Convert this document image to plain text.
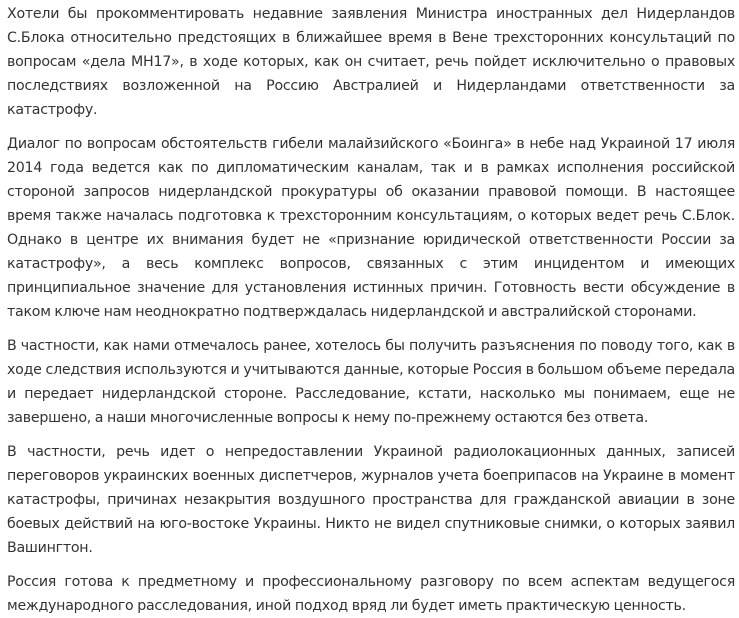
Хотели бы прокомментировать недавние заявления Министра иностранных дел Нидерландов С.Блока относительно предстоящих в ближайшее время в Вене трехсторонних консультаций по вопросам «дела МН17», в ходе которых, как он считает, речь пойдет исключительно о правовых последствиях возложенной на Россию Австралией и Нидерландами ответственности за катастрофу.

Диалог по вопросам обстоятельств гибели малайзийского «Боинга» в небе над Украиной 17 июля 2014 года ведется как по дипломатическим каналам, так и в рамках исполнения российской стороной запросов нидерландской прокуратуры об оказании правовой помощи. В настоящее время также началась подготовка к трехсторонним консультациям, о которых ведет речь С.Блок. Однако в центре их внимания будет не «признание юридической ответственности России за катастрофу», а весь комплекс вопросов, связанных с этим инцидентом и имеющих принципиальное значение для установления истинных причин. Готовность вести обсуждение в таком ключе нам неоднократно подтверждалась нидерландской и австралийской сторонами.

В частности, как нами отмечалось ранее, хотелось бы получить разъяснения по поводу того, как в ходе следствия используются и учитываются данные, которые Россия в большом объеме передала и передает нидерландской стороне. Расследование, кстати, насколько мы понимаем, еще не завершено, а наши многочисленные вопросы к нему по-прежнему остаются без ответа.

В частности, речь идет о непредоставлении Украиной радиолокационных данных, записей переговоров украинских военных диспетчеров, журналов учета боеприпасов на Украине в момент катастрофы, причинах незакрытия воздушного пространства для гражданской авиации в зоне боевых действий на юго-востоке Украины. Никто не видел спутниковые снимки, о которых заявил Вашингтон.

Россия готова к предметному и профессиональному разговору по всем аспектам ведущегося международного расследования, иной подход вряд ли будет иметь практическую ценность.
